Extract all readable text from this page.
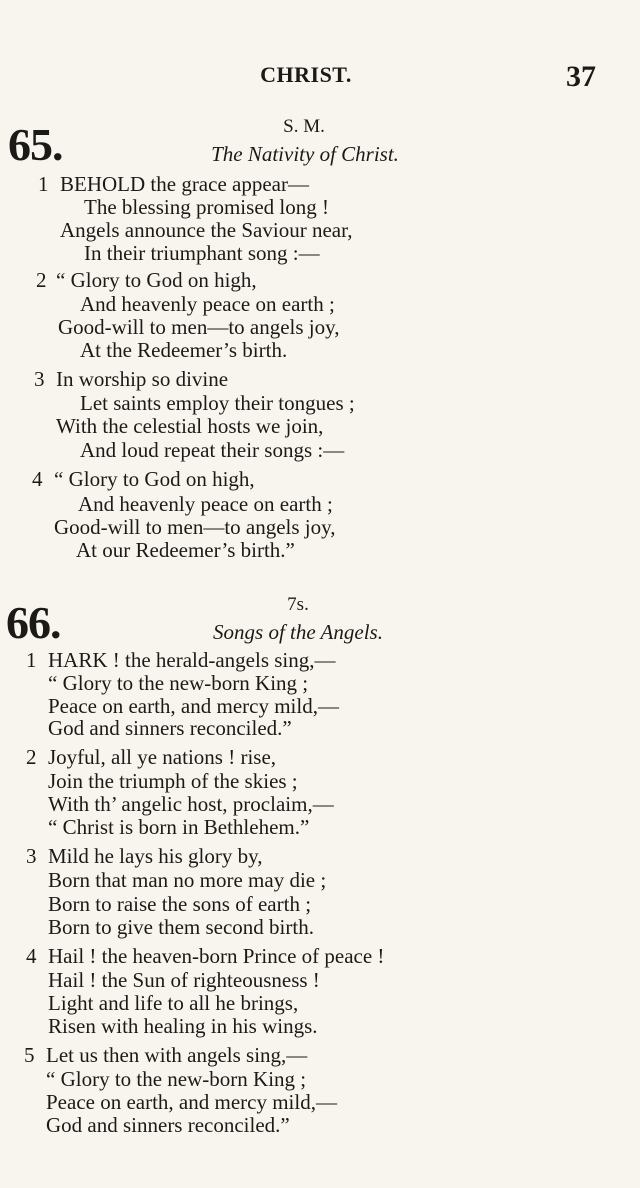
CHRIST.	37
65.	S. M.
The Nativity of Christ.
1 BEHOLD the grace appear—
The blessing promised long !
Angels announce the Saviour near,
In their triumphant song :—
2 “ Glory to God on high,
And heavenly peace on earth ;
Good-will to men—to angels joy,
At the Redeemer’s birth.
3 In worship so divine
Let saints employ their tongues ;
With the celestial hosts we join,
And loud repeat their songs :—
4 “ Glory to God on high,
And heavenly peace on earth ;
Good-will to men—to angels joy,
At our Redeemer’s birth.”
66.	7s.
Songs of the Angels.
1 HARK ! the herald-angels sing,—
“ Glory to the new-born King ;
Peace on earth, and mercy mild,—
God and sinners reconciled.”
2 Joyful, all ye nations ! rise,
Join the triumph of the skies ;
With th’ angelic host, proclaim,—
“ Christ is born in Bethlehem.”
3 Mild he lays his glory by,
Born that man no more may die ;
Born to raise the sons of earth ;
Born to give them second birth.
4 Hail ! the heaven-born Prince of peace !
Hail ! the Sun of righteousness !
Light and life to all he brings,
Risen with healing in his wings.
5 Let us then with angels sing,—
“ Glory to the new-born King ;
Peace on earth, and mercy mild,—
God and sinners reconciled.”
